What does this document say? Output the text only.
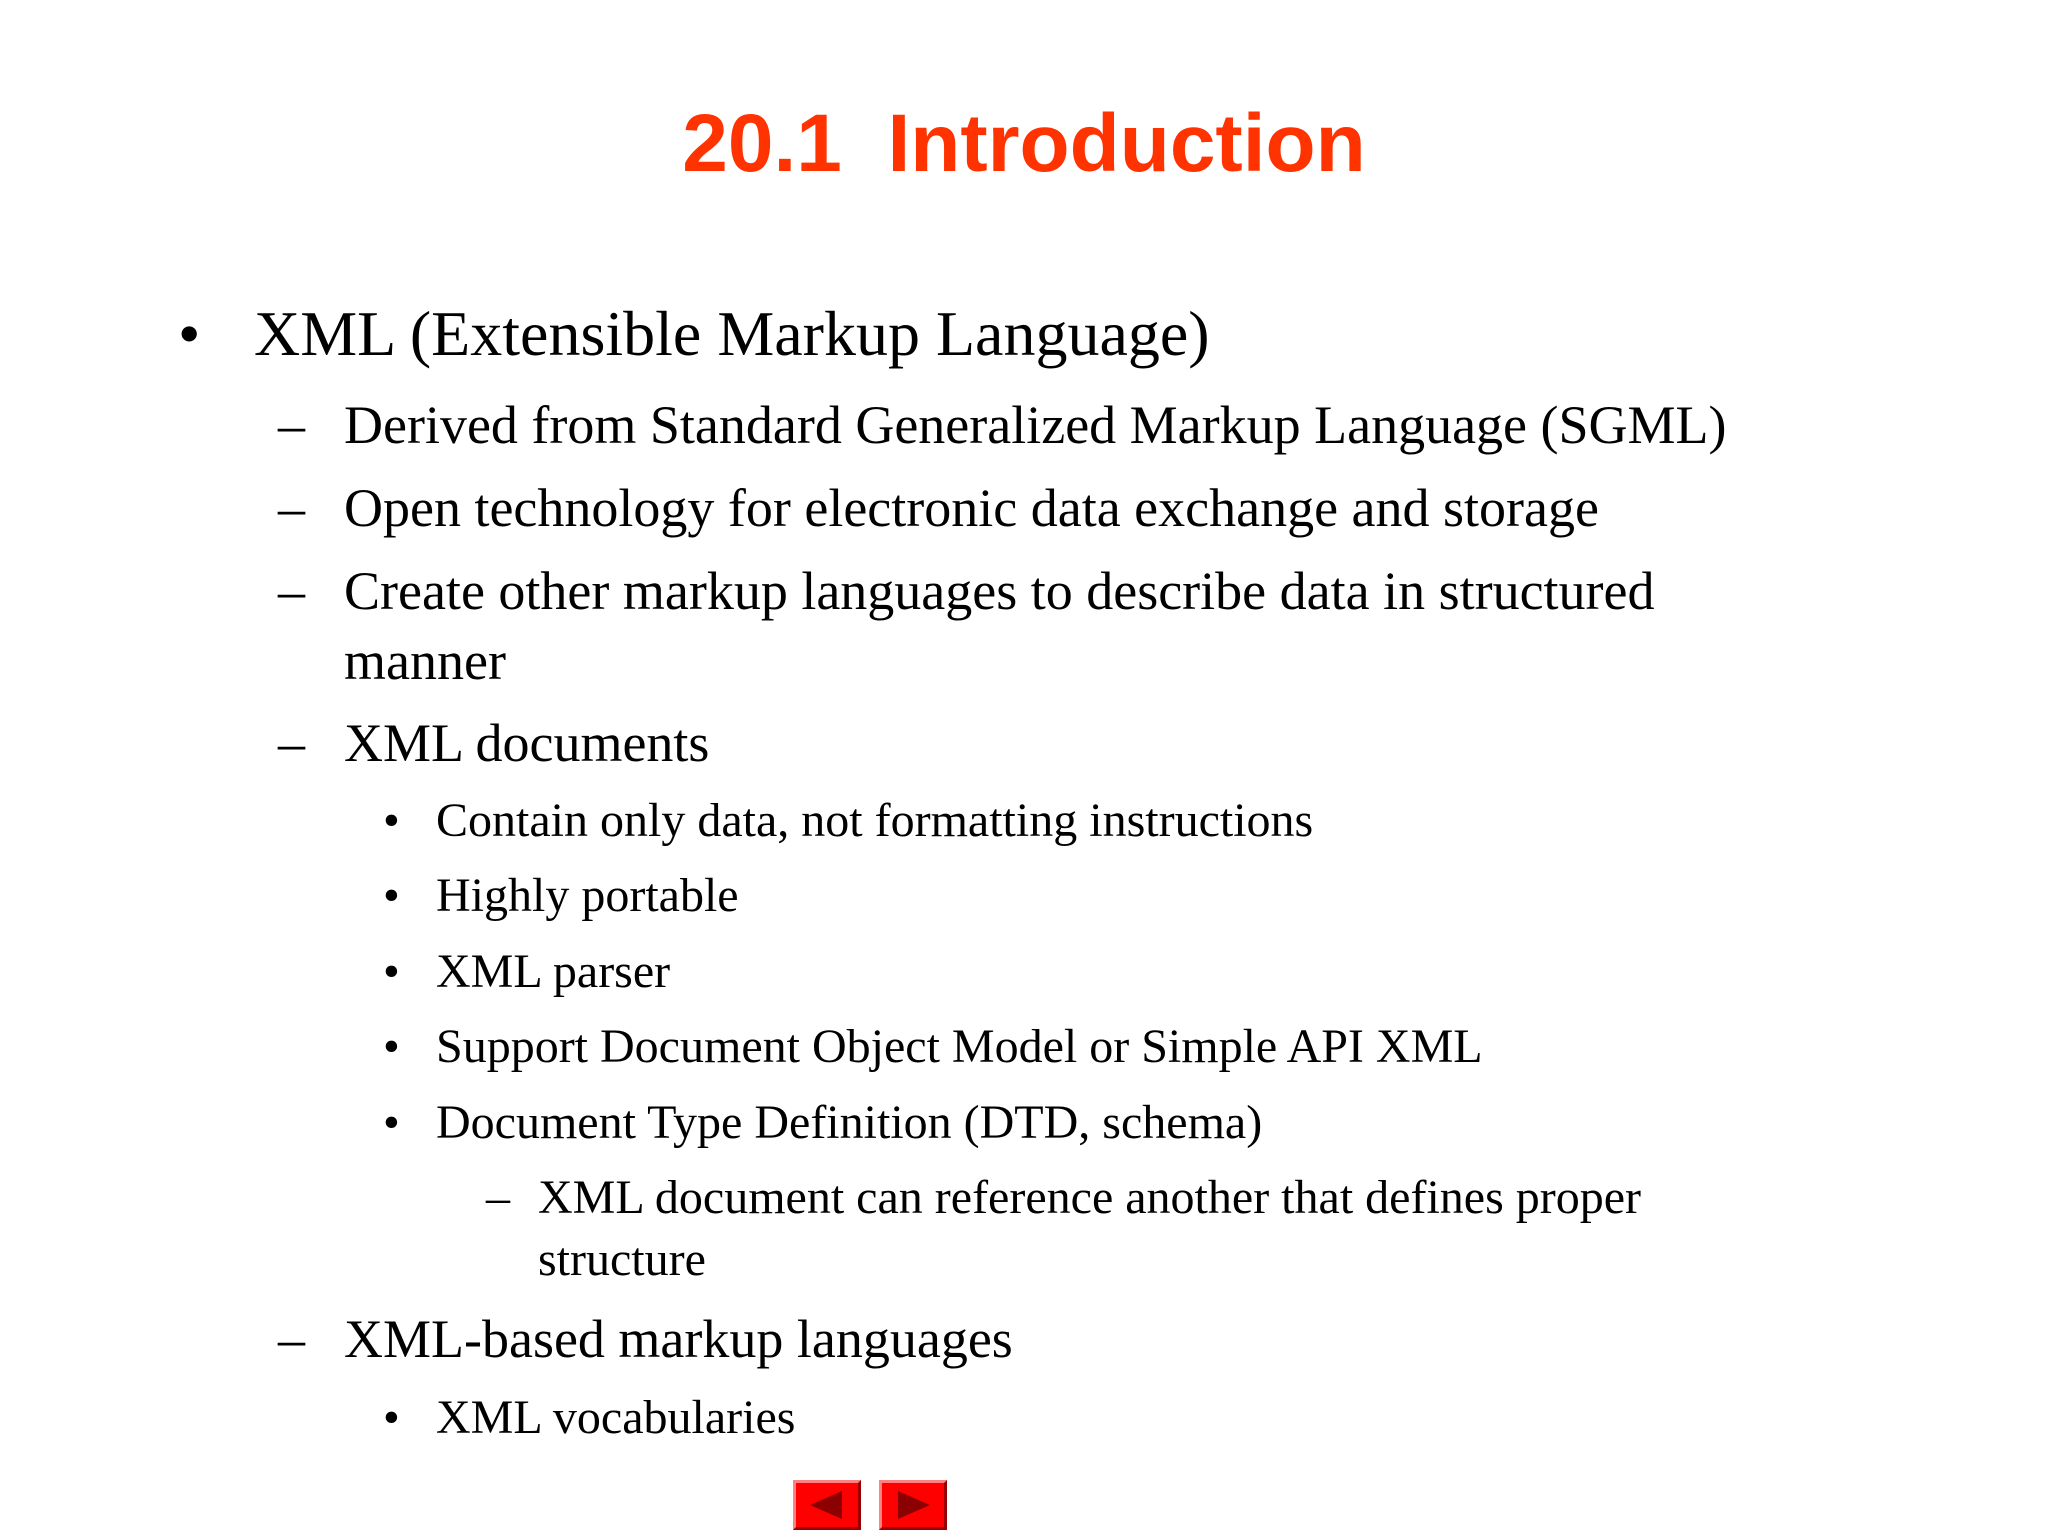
20.1  Introduction
• XML (Extensible Markup Language)
– Derived from Standard Generalized Markup Language (SGML)
– Open technology for electronic data exchange and storage
– Create other markup languages to describe data in structured
manner
– XML documents
• Contain only data, not formatting instructions
• Highly portable
• XML parser
• Support Document Object Model or Simple API XML
• Document Type Definition (DTD, schema)
– XML document can reference another that defines proper
structure
– XML-based markup languages
• XML vocabularies
